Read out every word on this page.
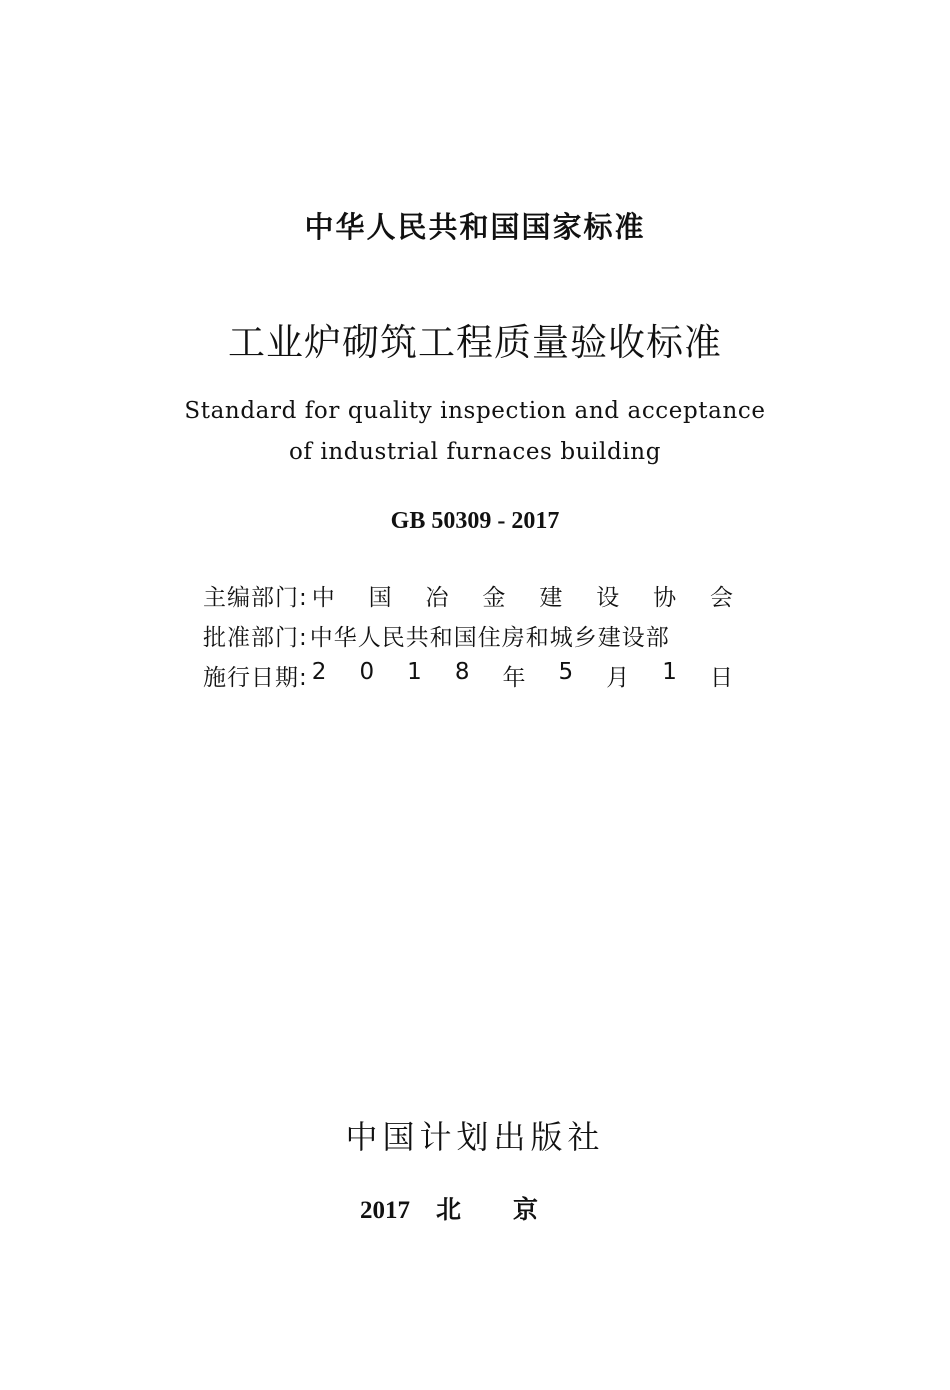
中华人民共和国国家标准
工业炉砌筑工程质量验收标准
Standard for quality inspection and acceptance
of industrial furnaces building
GB 50309 - 2017
主编部门: 中 国 冶 金 建 设 协 会
批准部门: 中华人民共和国住房和城乡建设部
施行日期: 2 0 1 8 年 5 月 1 日
中国计划出版社
2017 北京
